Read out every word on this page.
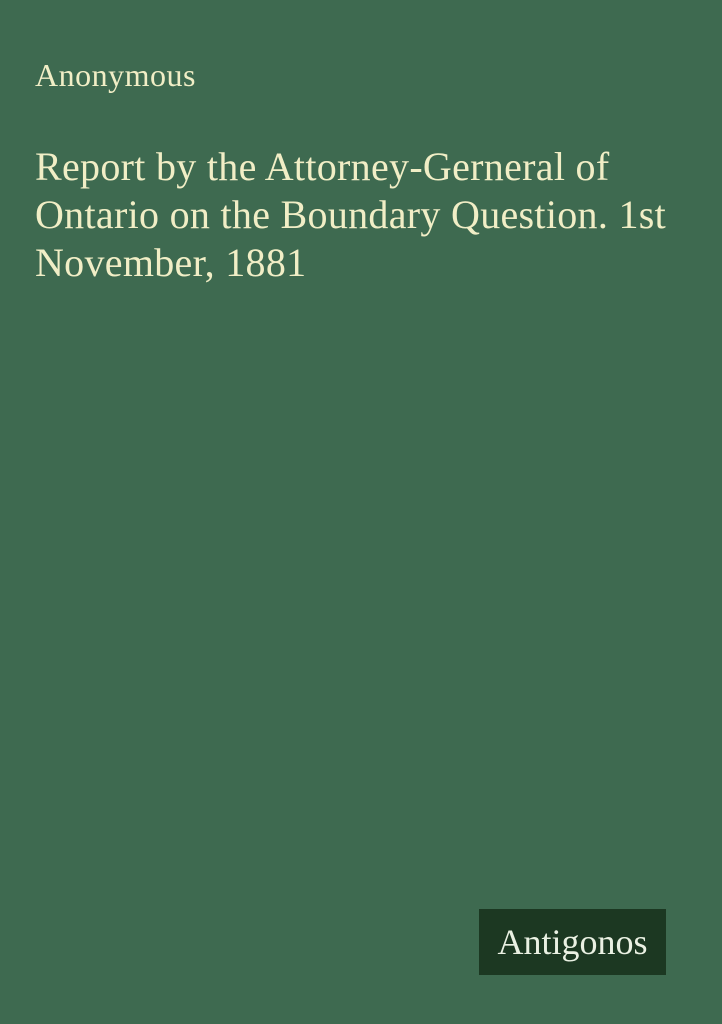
Anonymous
Report by the Attorney-Gerneral of
Ontario on the Boundary Question. 1st
November, 1881
Antigonos
